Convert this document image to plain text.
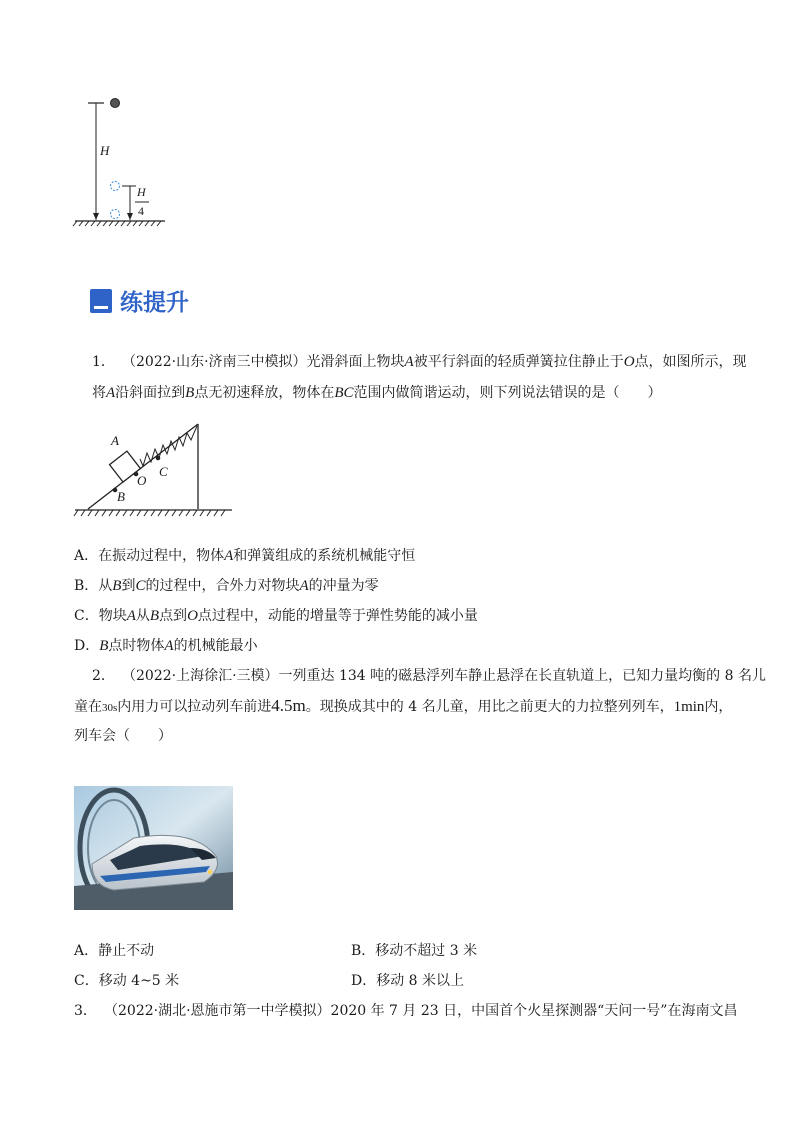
H
H
4
练提升
1． （2022·山东·济南三中模拟）光滑斜面上物块A被平行斜面的轻质弹簧拉住静止于O点，如图所示，现
将A沿斜面拉到B点无初速释放，物体在BC范围内做简谐运动，则下列说法错误的是（　　）
A
B
O
C
A．在振动过程中，物体A和弹簧组成的系统机械能守恒
B．从B到C的过程中，合外力对物块A的冲量为零
C．物块A从B点到O点过程中，动能的增量等于弹性势能的减小量
D．B点时物体A的机械能最小
2． （2022·上海徐汇·三模）一列重达 134 吨的磁悬浮列车静止悬浮在长直轨道上，已知力量均衡的 8 名儿
童在30s内用力可以拉动列车前进4.5m。现换成其中的 4 名儿童，用比之前更大的力拉整列列车，1min内，
列车会（　　）
A．静止不动	B．移动不超过 3 米
C．移动 4~5 米	D．移动 8 米以上
3． （2022·湖北·恩施市第一中学模拟）2020 年 7 月 23 日，中国首个火星探测器“天问一号”在海南文昌
